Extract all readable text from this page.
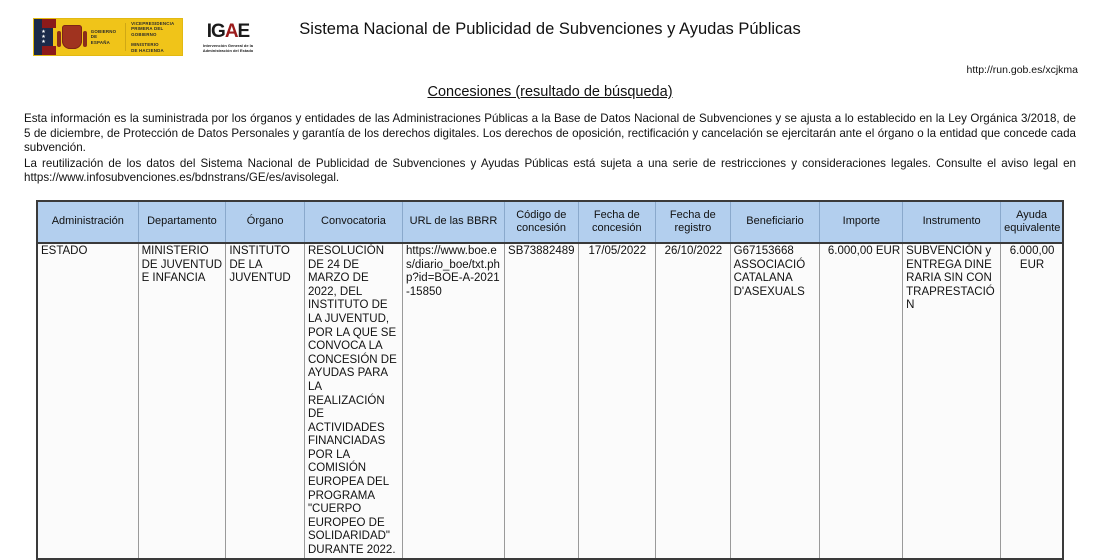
★
★
★
GOBIERNO
DE ESPAÑA
VICEPRESIDENCIA
PRIMERA DEL GOBIERNO
MINISTERIO
DE HACIENDA
IGAE
Intervención General de la
Administración del Estado
Sistema Nacional de Publicidad de Subvenciones y Ayudas Públicas
http://run.gob.es/xcjkma
Concesiones (resultado de búsqueda)

Esta información es la suministrada por los órganos y entidades de las Administraciones Públicas a la Base de Datos Nacional de Subvenciones y se ajusta a lo establecido en la Ley Orgánica 3/2018, de 5 de diciembre, de Protección de Datos Personales y garantía de los derechos digitales. Los derechos de oposición, rectificación y cancelación se ejercitarán ante el órgano o la entidad que concede cada subvención.

La reutilización de los datos del Sistema Nacional de Publicidad de Subvenciones y Ayudas Públicas está sujeta a una serie de restricciones y consideraciones legales. Consulte el aviso legal en https://www.infosubvenciones.es/bdnstrans/GE/es/avisolegal.

Administración	Departamento	Órgano	Convocatoria	URL de las BBRR	Código de concesión	Fecha de concesión	Fecha de registro	Beneficiario	Importe	Instrumento	Ayuda equivalente
ESTADO	MINISTERIO DE JUVENTUD E INFANCIA	INSTITUTO DE LA JUVENTUD	RESOLUCIÓN DE 24 DE MARZO DE 2022, DEL INSTITUTO DE LA JUVENTUD, POR LA QUE SE CONVOCA LA CONCESIÓN DE AYUDAS PARA LA REALIZACIÓN DE ACTIVIDADES FINANCIADAS POR LA COMISIÓN EUROPEA DEL PROGRAMA "CUERPO EUROPEO DE SOLIDARIDAD" DURANTE 2022.	https://www.boe.es/diario_boe/txt.php?id=BOE-A-2021-15850	SB73882489	17/05/2022	26/10/2022	G67153668 ASSOCIACIÓ CATALANA D'ASEXUALS	6.000,00 EUR	SUBVENCIÓN y ENTREGA DINERARIA SIN CONTRAPRESTACIÓN	6.000,00 EUR
